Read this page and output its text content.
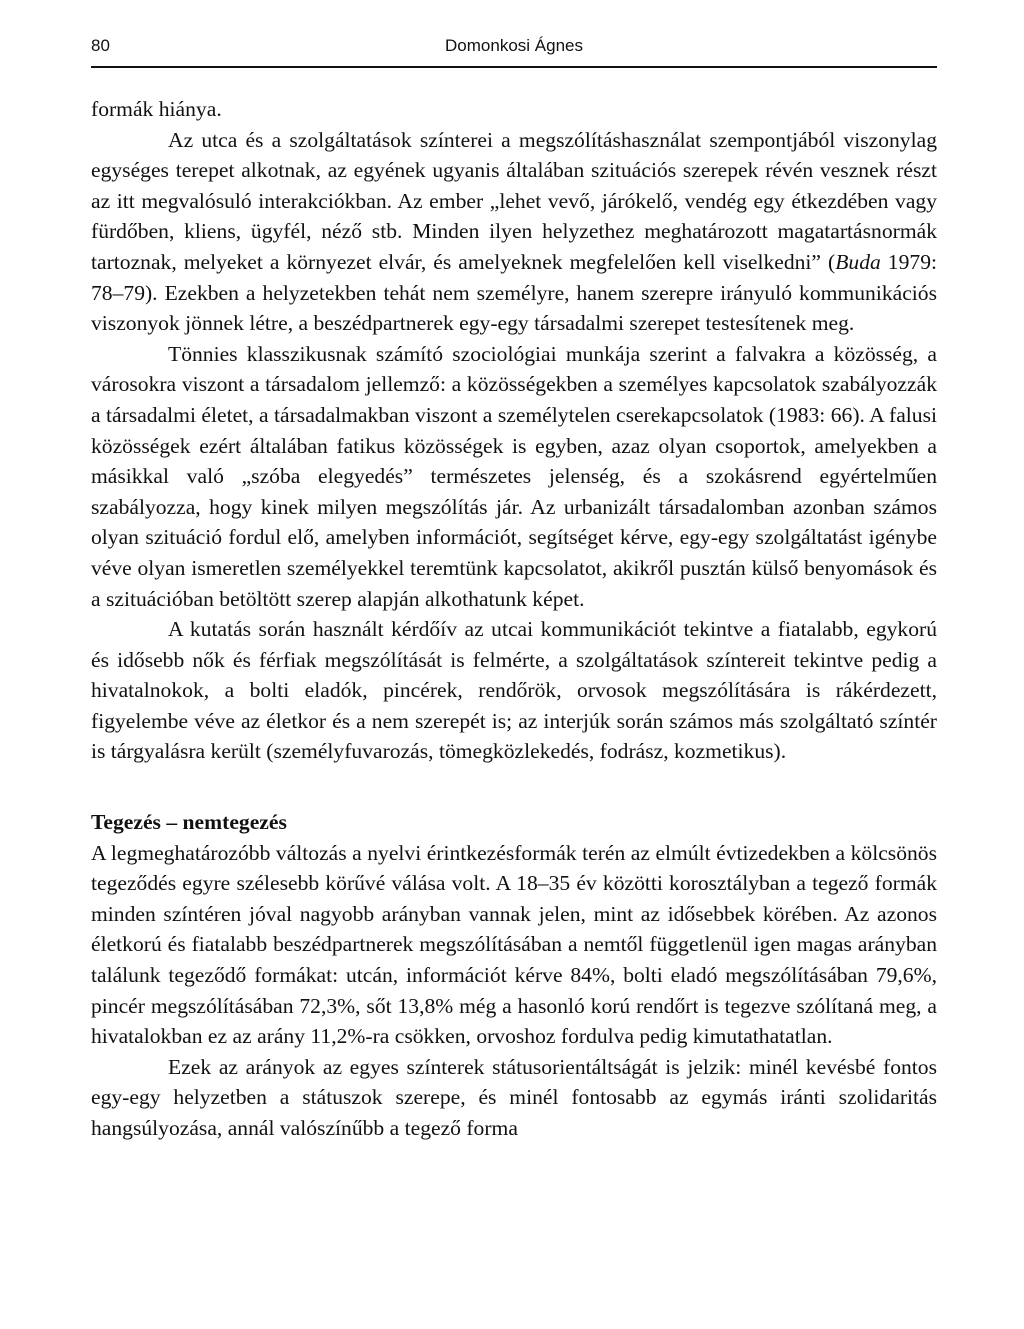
80	Domonkosi Ágnes

formák hiánya.

Az utca és a szolgáltatások színterei a megszólításhasználat szempontjából viszonylag egységes terepet alkotnak, az egyének ugyanis általában szituációs szerepek révén vesznek részt az itt megvalósuló interakciókban. Az ember „lehet vevő, járókelő, vendég egy étkezdében vagy fürdőben, kliens, ügyfél, néző stb. Minden ilyen helyzethez meghatározott magatartásnormák tartoznak, melyeket a környezet elvár, és amelyeknek megfelelően kell viselkedni” (Buda 1979: 78–79). Ezekben a helyzetekben tehát nem személyre, hanem szerepre irányuló kommunikációs viszonyok jönnek létre, a beszédpartnerek egy-egy társadalmi szerepet testesítenek meg.

Tönnies klasszikusnak számító szociológiai munkája szerint a falvakra a közösség, a városokra viszont a társadalom jellemző: a közösségekben a személyes kapcsolatok szabályozzák a társadalmi életet, a társadalmakban viszont a személytelen cserekapcsolatok (1983: 66). A falusi közösségek ezért általában fatikus közösségek is egyben, azaz olyan csoportok, amelyekben a másikkal való „szóba elegyedés” természetes jelenség, és a szokásrend egyértelműen szabályozza, hogy kinek milyen megszólítás jár. Az urbanizált társadalomban azonban számos olyan szituáció fordul elő, amelyben információt, segítséget kérve, egy-egy szolgáltatást igénybe véve olyan ismeretlen személyekkel teremtünk kapcsolatot, akikről pusztán külső benyomások és a szituációban betöltött szerep alapján alkothatunk képet.

A kutatás során használt kérdőív az utcai kommunikációt tekintve a fiatalabb, egykorú és idősebb nők és férfiak megszólítását is felmérte, a szolgáltatások színtereit tekintve pedig a hivatalnokok, a bolti eladók, pincérek, rendőrök, orvosok megszólítására is rákérdezett, figyelembe véve az életkor és a nem szerepét is; az interjúk során számos más szolgáltató színtér is tárgyalásra került (személyfuvarozás, tömegközlekedés, fodrász, kozmetikus).

Tegezés – nemtegezés

A legmeghatározóbb változás a nyelvi érintkezésformák terén az elmúlt évtizedekben a kölcsönös tegeződés egyre szélesebb körűvé válása volt. A 18–35 év közötti korosztályban a tegező formák minden színtéren jóval nagyobb arányban vannak jelen, mint az idősebbek körében. Az azonos életkorú és fiatalabb beszédpartnerek megszólításában a nemtől függetlenül igen magas arányban találunk tegeződő formákat: utcán, információt kérve 84%, bolti eladó megszólításában 79,6%, pincér megszólításában 72,3%, sőt 13,8% még a hasonló korú rendőrt is tegezve szólítaná meg, a hivatalokban ez az arány 11,2%-ra csökken, orvoshoz fordulva pedig kimutathatatlan.

Ezek az arányok az egyes színterek státusorientáltságát is jelzik: minél kevésbé fontos egy-egy helyzetben a státuszok szerepe, és minél fontosabb az egymás iránti szolidaritás hangsúlyozása, annál valószínűbb a tegező forma
